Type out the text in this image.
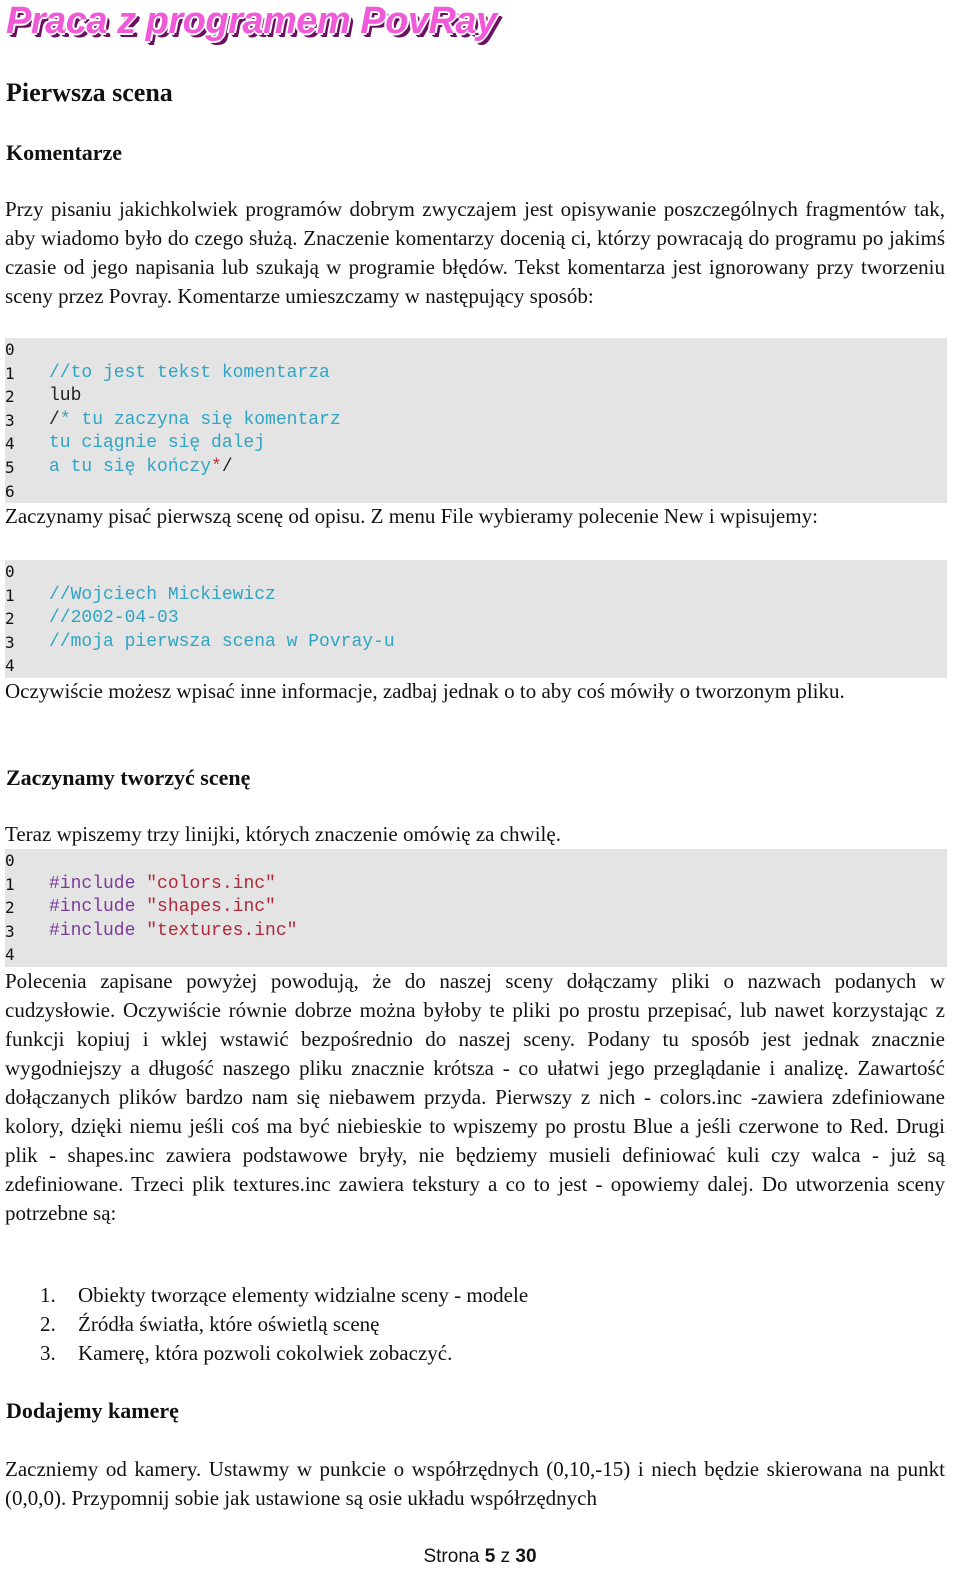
Praca z programem PovRay
Pierwsza scena
Komentarze

Przy pisaniu jakichkolwiek programów dobrym zwyczajem jest opisywanie poszczególnych fragmentów tak, aby wiadomo było do czego służą. Znaczenie komentarzy docenią ci, którzy powracają do programu po jakimś czasie od jego napisania lub szukają w programie błędów. Tekst komentarza jest ignorowany przy tworzeniu sceny przez Povray. Komentarze umieszczamy w następujący sposób:

0
1	//to jest tekst komentarza
2	lub
3	/ * tu zaczyna się komentarz
4	tu ciągnie się dalej
5	a tu się kończy * /
6

Zaczynamy pisać pierwszą scenę od opisu. Z menu File wybieramy polecenie New i wpisujemy:

0
1	//Wojciech Mickiewicz
2	//2002-04-03
3	//moja pierwsza scena w Povray-u
4

Oczywiście możesz wpisać inne informacje, zadbaj jednak o to aby coś mówiły o tworzonym pliku.

Zaczynamy tworzyć scenę

Teraz wpiszemy trzy linijki, których znaczenie omówię za chwilę.

0
1	#include
"colors.inc"
2	#include
"shapes.inc"
3	#include
"textures.inc"
4

Polecenia zapisane powyżej powodują, że do naszej sceny dołączamy pliki o nazwach podanych w cudzysłowie. Oczywiście równie dobrze można byłoby te pliki po prostu przepisać, lub nawet korzystając z funkcji kopiuj i wklej wstawić bezpośrednio do naszej sceny. Podany tu sposób jest jednak znacznie wygodniejszy a długość naszego pliku znacznie krótsza - co ułatwi jego przeglądanie i analizę. Zawartość dołączanych plików bardzo nam się niebawem przyda. Pierwszy z nich - colors.inc -zawiera zdefiniowane kolory, dzięki niemu jeśli coś ma być niebieskie to wpiszemy po prostu Blue a jeśli czerwone to Red. Drugi plik - shapes.inc zawiera podstawowe bryły, nie będziemy musieli definiować kuli czy walca - już są zdefiniowane. Trzeci plik textures.inc zawiera tekstury a co to jest - opowiemy dalej. Do utworzenia sceny potrzebne są:

1.	Obiekty tworzące elementy widzialne sceny - modele
2.	Źródła światła, które oświetlą scenę
3.	Kamerę, która pozwoli cokolwiek zobaczyć.
Dodajemy kamerę

Zaczniemy od kamery. Ustawmy w punkcie o współrzędnych (0,10,-15) i niech będzie skierowana na punkt (0,0,0). Przypomnij sobie jak ustawione są osie układu współrzędnych

Strona 5 z 30
